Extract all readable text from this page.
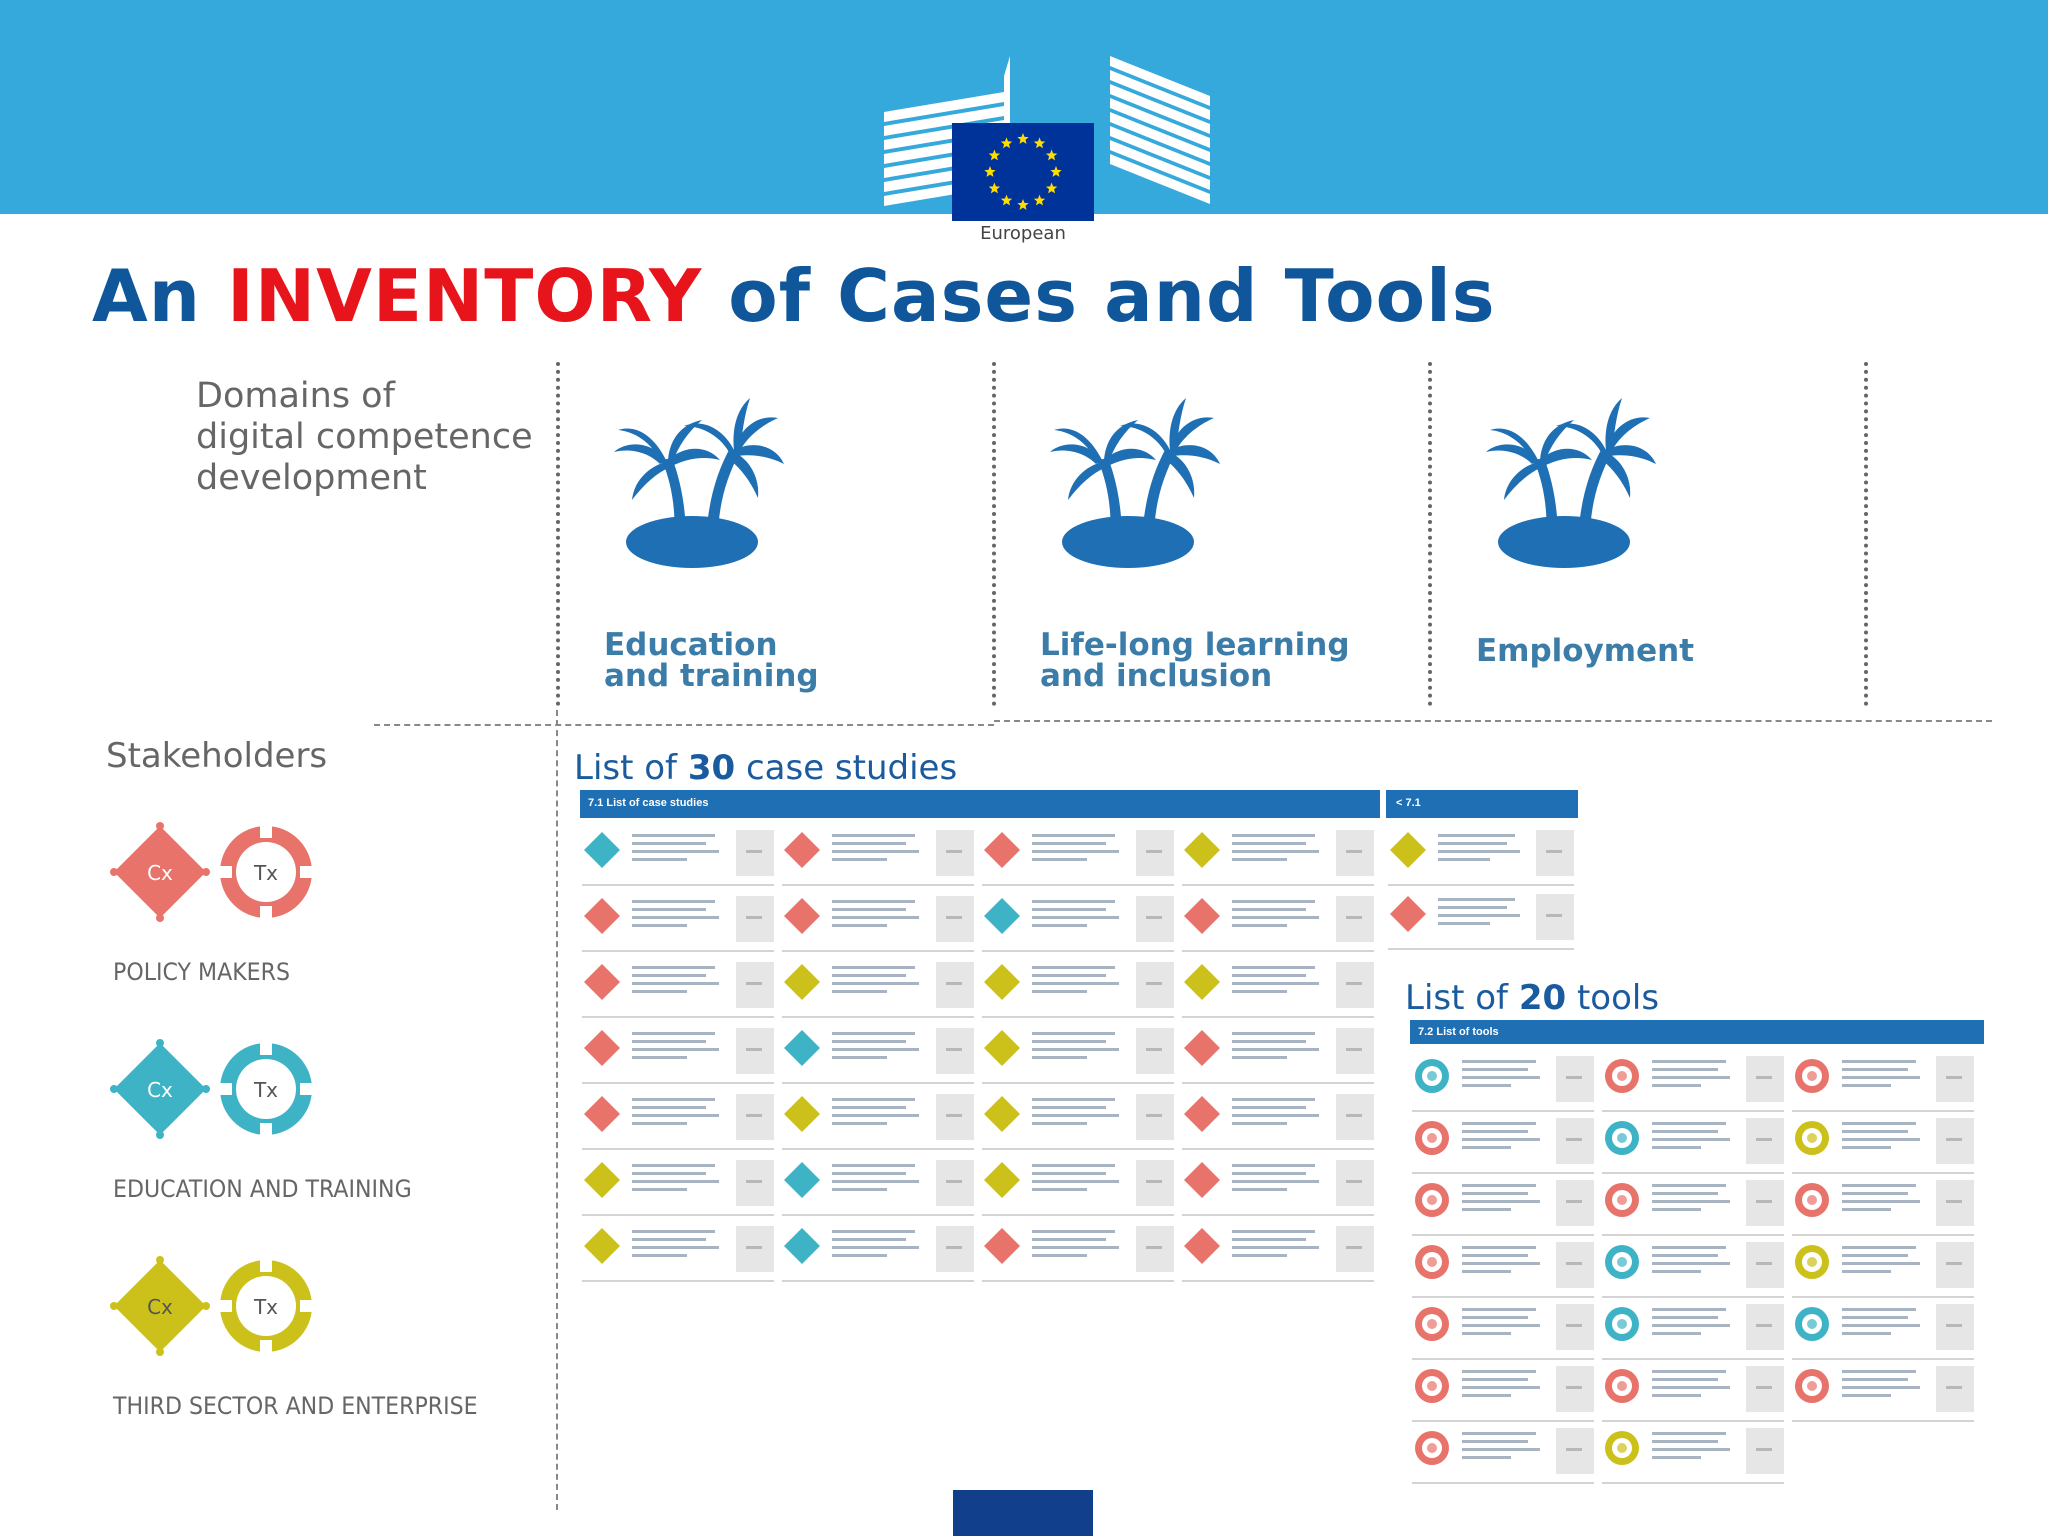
European
An INVENTORY of Cases and Tools
Domains of
digital competence
development
Education
and training
Life-long learning
and inclusion
Employment
Stakeholders
Cx	Tx
POLICY MAKERS
Cx	Tx
EDUCATION AND TRAINING
Cx	Tx
THIRD SECTOR AND ENTERPRISE
List of 30 case studies
7.1 List of case studies	< 7.1
List of 20 tools
7.2 List of tools
